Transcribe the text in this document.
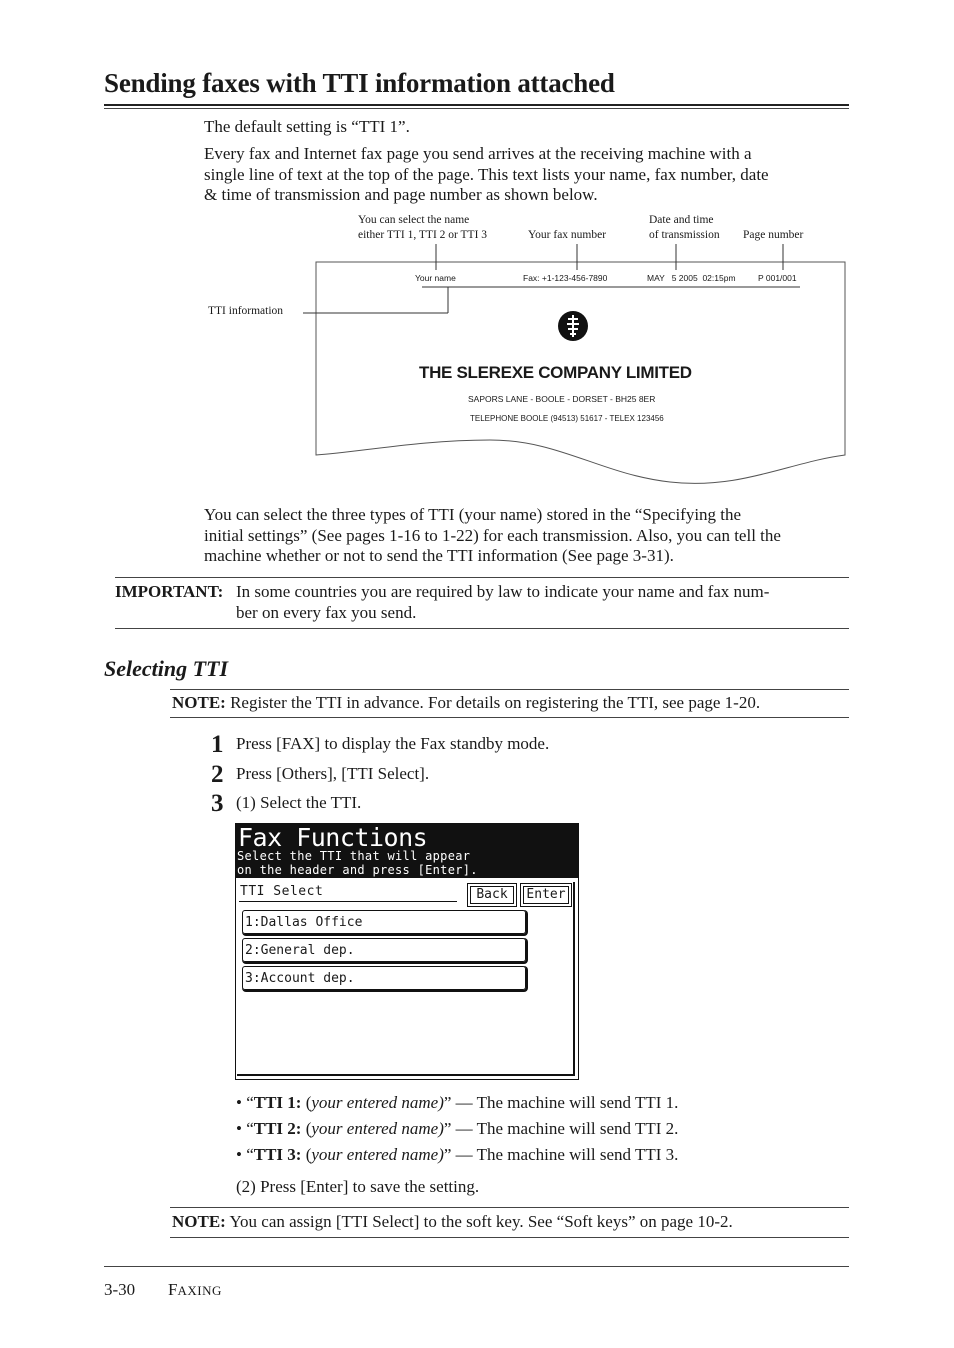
Sending faxes with TTI information attached
The default setting is “TTI 1”.
Every fax and Internet fax page you send arrives at the receiving machine with a
single line of text at the top of the page. This text lists your name, fax number, date
& time of transmission and page number as shown below.
You can select the name
either TTI 1, TTI 2 or TTI 3	Your fax number
Date and time
of transmission Page number
TTI information
Your name	Fax: +1-123-456-7890	MAY   5 2005  02:15pm	P 001/001
THE SLEREXE COMPANY LIMITED
SAPORS LANE - BOOLE - DORSET - BH25 8ER
TELEPHONE BOOLE (94513) 51617 - TELEX 123456
You can select the three types of TTI (your name) stored in the “Specifying the
initial settings” (See pages 1-16 to 1-22) for each transmission. Also, you can tell the
machine whether or not to send the TTI information (See page 3-31).
IMPORTANT: In some countries you are required by law to indicate your name and fax num-
ber on every fax you send.
Selecting TTI
NOTE: Register the TTI in advance. For details on registering the TTI, see page 1-20.
1 Press [FAX] to display the Fax standby mode.
2 Press [Others], [TTI Select].
3 (1) Select the TTI.
Fax Functions
Select the TTI that will appear
on the header and press [Enter].
TTI Select	Back	Enter
1:Dallas Office
2:General dep.
3:Account dep.
• “TTI 1: (your entered name)” — The machine will send TTI 1.
• “TTI 2: (your entered name)” — The machine will send TTI 2.
• “TTI 3: (your entered name)” — The machine will send TTI 3.
(2) Press [Enter] to save the setting.
NOTE: You can assign [TTI Select] to the soft key. See “Soft keys” on page 10-2.
3-30 FAXING
